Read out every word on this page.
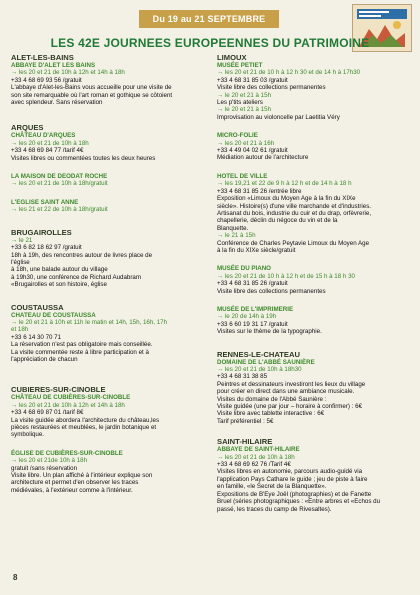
Du 19 au 21 SEPTEMBRE
LES 42E JOURNEES EUROPEENNES DU PATRIMOINE

ALET-LES-BAINS

ABBAYE D'ALET LES BAINS

→ les 20 et 21 de 10h à 12h et 14h à 18h

+33 4 68 69 93 56 /gratuit

L'abbaye d'Alet-les-Bains vous accueille pour une visite de

son site remarquable où l'art roman et gothique se côtoient

avec splendeur. Sans réservation

ARQUES

CHÂTEAU D'ARQUES

→ les 20 et 21 de 10h à 18h

+33 4 68 69 84 77 /tarif 4€

Visites libres ou commentées toutes les deux heures

LA MAISON DE DEODAT ROCHE

→ les 20 et 21 de 10h à 18h/gratuit

L'EGLISE SAINT ANNE

→ les 21 et 22 de 10h à 18h/gratuit

BRUGAIROLLES

→ le 21

+33 6 82 18 62 97 /gratuit

18h à 19h, des rencontres autour de livres place de

l'église

à 18h, une balade autour du village

à 19h30, une conférence de Richard Audabram

«Brugairolles et son histoire, église

COUSTAUSSA

CHATEAU DE COUSTAUSSA

→ le 20 et 21 à 10h et 11h le matin et 14h, 15h, 16h, 17h

et 18h

+33 6 14 30 70 71

La réservation n'est pas obligatoire mais conseillée.

La visite commentée reste à libre participation et à

l'appréciation de chacun

CUBIERES-SUR-CINOBLE

CHÂTEAU DE CUBIÈRES-SUR-CINOBLE

→ les 20 et 21 de 10h à 12h et 14h à 18h

+33 4 68 69 87 01 /tarif 8€

La visite guidée abordera l'architecture du château,les

pièces restaurées et meublées, le jardin botanique et

symbolique.

ÉGLISE DE CUBIÈRES-SUR-CINOBLE

→ les 20 et 21de 10h à 18h

gratuit /sans réservation

Visite libre. Un plan affiché à l'intérieur explique son

architecture et permet d'en observer les traces

médiévales, à l'extérieur comme à l'intérieur.

LIMOUX

MUSÉE PETIET

→ les 20 et 21 de 10 h à 12 h 30 et de 14 h à 17h30

+33 4 68 31 85 03 /gratuit

Visite libre des collections permanentes

→ le 20 et 21 à 15h

Les p'tits ateliers

→ le 20 et 21 à 15h

Improvisation au violoncelle par Laetitia Véry

MICRO-FOLIE

→ les 20 et 21 à 16h

+33 4 49 04 02 61 /gratuit

Médiation autour de l'architecture

HOTEL DE VILLE

→ les 19,21 et 22 de 9 h à 12 h et de 14 h à 18 h

+33 4 68 31 85 26 /entrée libre

Exposition «Limoux du Moyen Age à la fin du XIXe

siècle». Histoire(s) d'une ville marchande et d'industries.

Artisanat du bois, industrie du cuir et du drap, orfèvrerie,

chapellerie, déclin du négoce du vin et de la

Blanquette.

→ le 21 à 15h

Conférence de Charles Peytavie Limoux du Moyen Age

à la fin du XIXe siècle/gratuit

MUSÉE DU PIANO

→ les 20 et 21 de 10 h à 12 h et de 15 h à 18 h 30

+33 4 68 31 85 26 /gratuit

Visite libre des collections permanentes

MUSÉE DE L'IMPRIMERIE

→ le 20 de 14h à 19h

+33 6 60 19 31 17 /gratuit

Visites sur le thème de la typographie.

RENNES-LE-CHATEAU

DOMAINE DE L'ABBÉ SAUNIÈRE

→ les 20 et 21 de 10h à 18h30

+33 4 68 31 38 85

Peintres et dessinateurs investiront les lieux du village

pour créer en direct dans une ambiance musicale.

Visites du domaine de l'Abbé Saunière :

Visite guidée (une par jour – horaire à confirmer) : 6€

Visite libre avec tablette interactive : 6€

Tarif préférentiel : 5€

SAINT-HILAIRE

ABBAYE DE SAINT-HILAIRE

→ les 20 et 21 de 10h à 18h

+33 4 68 69 62 76 /Tarif 4€

Visites libres en autonomie, parcours audio-guidé via

l'application Pays Cathare le guide ; jeu de piste à faire

en famille, «le Secret de la Blanquette».

Expositions de B'Eye Joël (photographies) et de Fanette

Bruel (séries photographiques : «Entre arbres et «Echos du

passé, les traces du camp de Rivesaltes).

8
